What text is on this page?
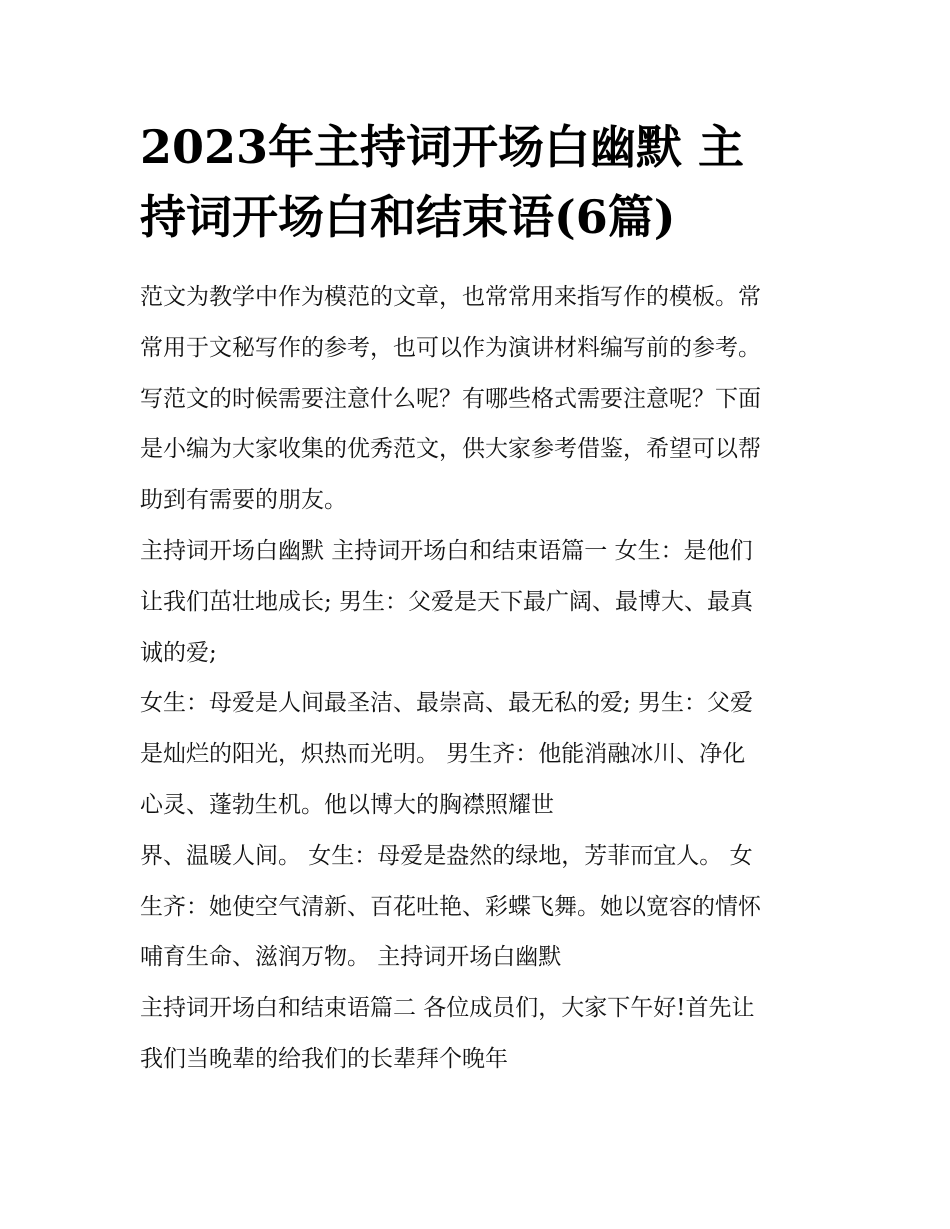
2023年主持词开场白幽默 主
持词开场白和结束语(6篇)
范文为教学中作为模范的文章，也常常用来指写作的模板。常
常用于文秘写作的参考，也可以作为演讲材料编写前的参考。
写范文的时候需要注意什么呢？有哪些格式需要注意呢？下面
是小编为大家收集的优秀范文，供大家参考借鉴，希望可以帮
助到有需要的朋友。
主持词开场白幽默 主持词开场白和结束语篇一 女生：是他们
让我们茁壮地成长; 男生：父爱是天下最广阔、最博大、最真
诚的爱;
女生：母爱是人间最圣洁、最崇高、最无私的爱; 男生：父爱
是灿烂的阳光，炽热而光明。 男生齐：他能消融冰川、净化
心灵、蓬勃生机。他以博大的胸襟照耀世
界、温暖人间。 女生：母爱是盎然的绿地，芳菲而宜人。 女
生齐：她使空气清新、百花吐艳、彩蝶飞舞。她以宽容的情怀
哺育生命、滋润万物。 主持词开场白幽默
主持词开场白和结束语篇二 各位成员们，大家下午好!首先让
我们当晚辈的给我们的长辈拜个晚年
